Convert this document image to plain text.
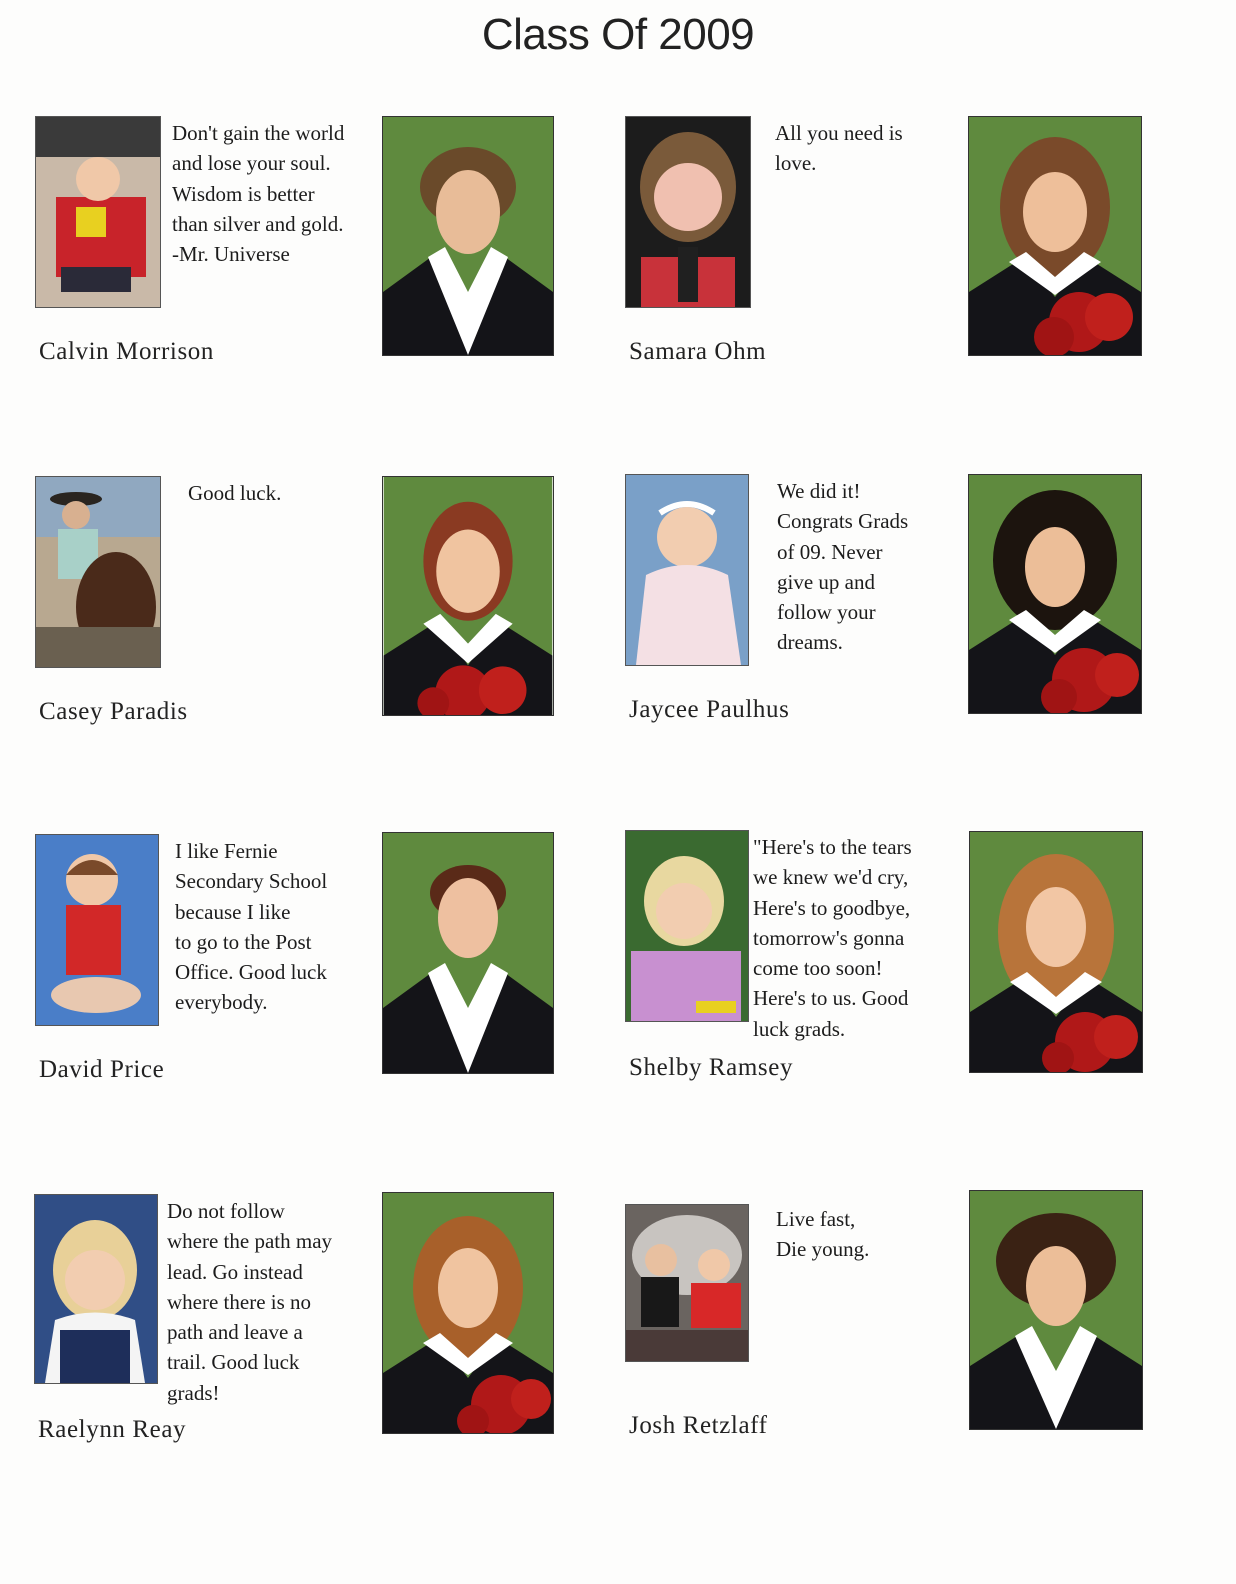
Class Of 2009
Don't gain the world
and lose your soul.
Wisdom is better
than silver and gold.
-Mr. Universe
Calvin Morrison
All you need is
love.
Samara Ohm
Good luck.
Casey Paradis
We did it!
Congrats Grads
of 09. Never
give up and
follow your
dreams.
Jaycee Paulhus
I like Fernie
Secondary School
because I like
to go to the Post
Office. Good luck
everybody.
David Price
"Here's to the tears
we knew we'd cry,
Here's to goodbye,
tomorrow's gonna
come too soon!
Here's to us. Good
luck grads.
Shelby Ramsey
Do not follow
where the path may
lead. Go instead
where there is no
path and leave a
trail. Good luck
grads!
Raelynn Reay
Live fast,
Die young.
Josh Retzlaff
